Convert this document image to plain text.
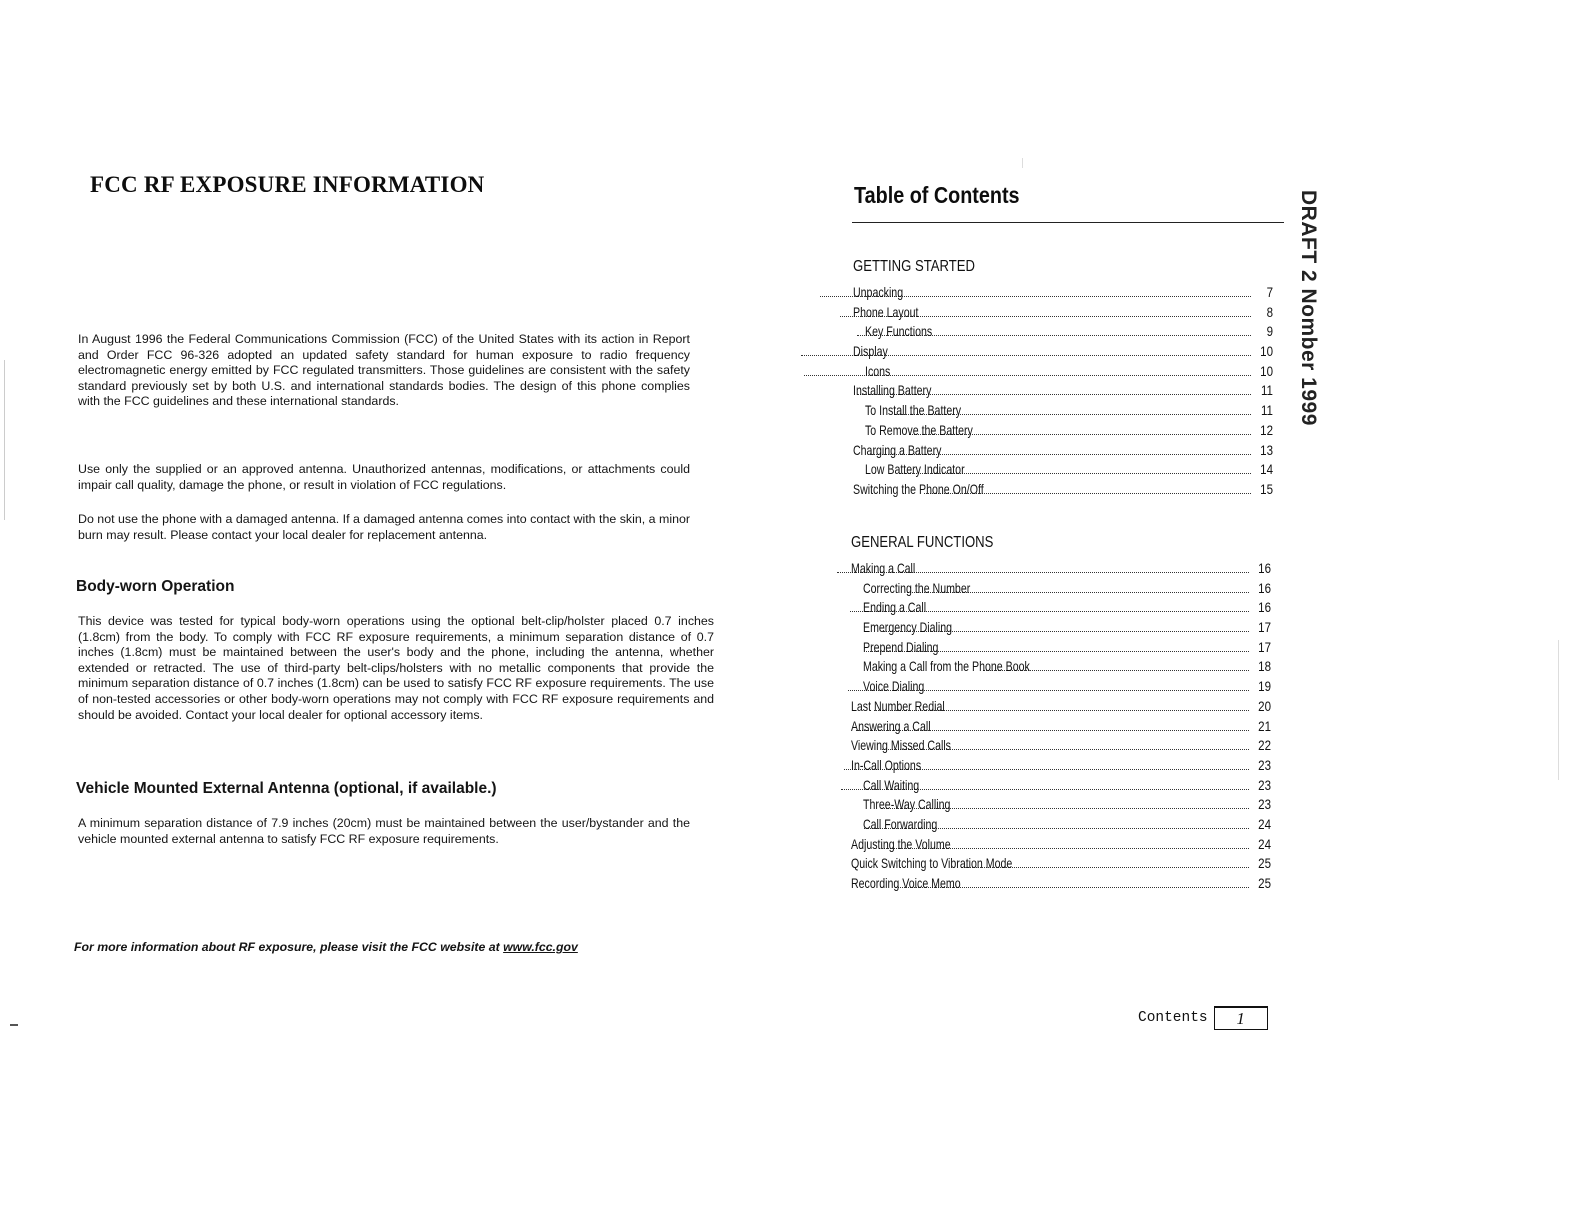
FCC RF EXPOSURE INFORMATION

In August 1996 the Federal Communications Commission (FCC) of the United States with its action in Report and Order FCC 96-326 adopted an updated safety standard for human exposure to radio frequency electromagnetic energy emitted by FCC regulated transmitters. Those guidelines are consistent with the safety standard previously set by both U.S. and international standards bodies. The design of this phone complies with the FCC guidelines and these international standards.

Use only the supplied or an approved antenna. Unauthorized antennas, modifications, or attachments could impair call quality, damage the phone, or result in violation of FCC regulations.

Do not use the phone with a damaged antenna. If a damaged antenna comes into contact with the skin, a minor burn may result. Please contact your local dealer for replacement antenna.

Body-worn Operation

This device was tested for typical body-worn operations using the optional belt-clip/holster placed 0.7 inches (1.8cm) from the body. To comply with FCC RF exposure requirements, a minimum separation distance of 0.7 inches (1.8cm) must be maintained between the user's body and the phone, including the antenna, whether extended or retracted. The use of third-party belt-clips/holsters with no metallic components that provide the minimum separation distance of 0.7 inches (1.8cm) can be used to satisfy FCC RF exposure requirements. The use of non-tested accessories or other body-worn operations may not comply with FCC RF exposure requirements and should be avoided. Contact your local dealer for optional accessory items.

Vehicle Mounted External Antenna (optional, if available.)

A minimum separation distance of 7.9 inches (20cm) must be maintained between the user/bystander and the vehicle mounted external antenna to satisfy FCC RF exposure requirements.

For more information about RF exposure, please visit the FCC website at www.fcc.gov

Table of Contents
GETTING STARTED
Unpacking	7
Phone Layout	8
Key Functions	9
Display	10
Icons	10
Installing Battery	11
To Install the Battery	11
To Remove the Battery	12
Charging a Battery	13
Low Battery Indicator	14
Switching the Phone On/Off	15
GENERAL FUNCTIONS
Making a Call	16
Correcting the Number	16
Ending a Call	16
Emergency Dialing	17
Prepend Dialing	17
Making a Call from the Phone Book	18
Voice Dialing	19
Last Number Redial	20
Answering a Call	21
Viewing Missed Calls	22
In-Call Options	23
Call Waiting	23
Three-Way Calling	23
Call Forwarding	24
Adjusting the Volume	24
Quick Switching to Vibration Mode	25
Recording Voice Memo	25
DRAFT 2 Nomber 1999
Contents 1
